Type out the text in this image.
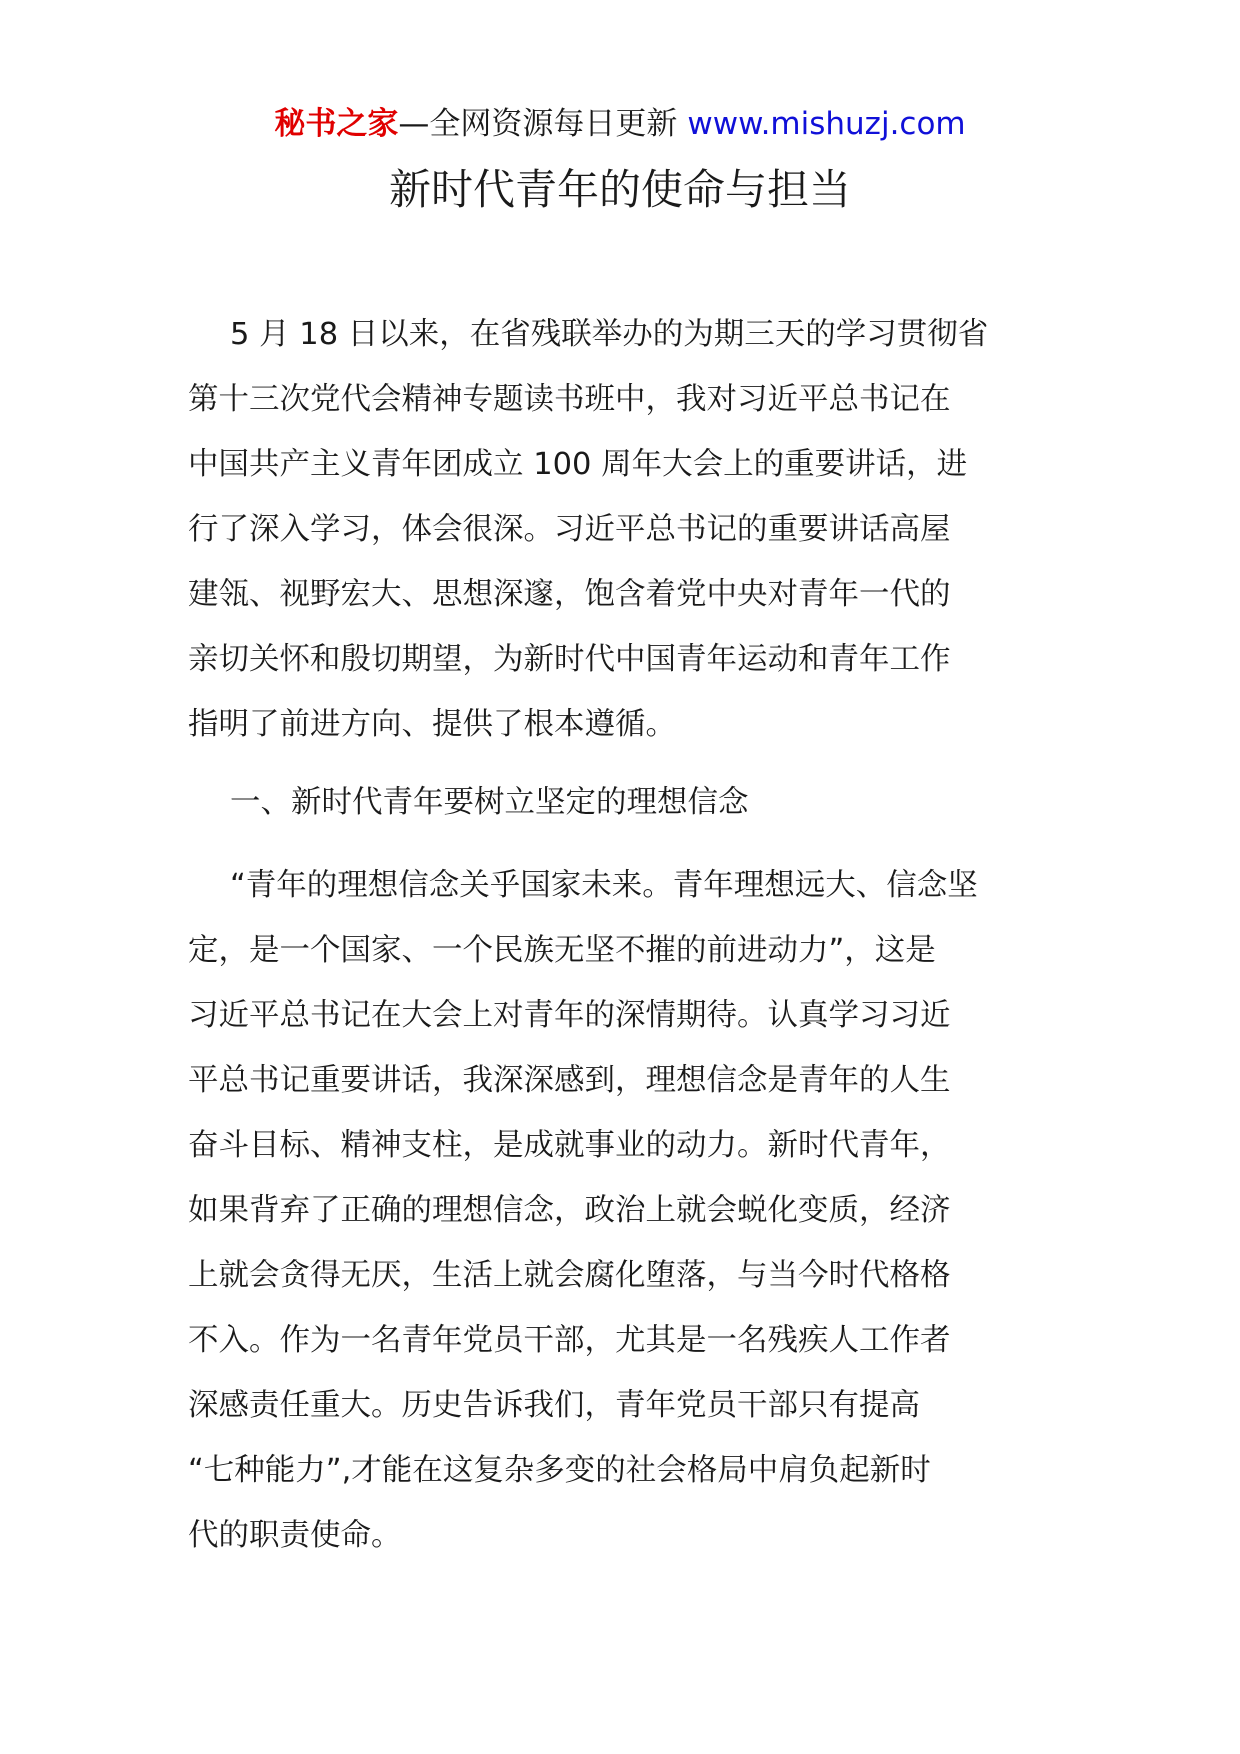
秘书之家—全网资源每日更新 www.mishuzj.com
新时代青年的使命与担当
5 月 18 日以来，在省残联举办的为期三天的学习贯彻省
第十三次党代会精神专题读书班中，我对习近平总书记在
中国共产主义青年团成立 100 周年大会上的重要讲话，进
行了深入学习，体会很深。习近平总书记的重要讲话高屋
建瓴、视野宏大、思想深邃，饱含着党中央对青年一代的
亲切关怀和殷切期望，为新时代中国青年运动和青年工作
指明了前进方向、提供了根本遵循。
一、新时代青年要树立坚定的理想信念
“青年的理想信念关乎国家未来。青年理想远大、信念坚
定，是一个国家、一个民族无坚不摧的前进动力”，这是
习近平总书记在大会上对青年的深情期待。认真学习习近
平总书记重要讲话，我深深感到，理想信念是青年的人生
奋斗目标、精神支柱，是成就事业的动力。新时代青年，
如果背弃了正确的理想信念，政治上就会蜕化变质，经济
上就会贪得无厌，生活上就会腐化堕落，与当今时代格格
不入。作为一名青年党员干部，尤其是一名残疾人工作者
深感责任重大。历史告诉我们，青年党员干部只有提高
“七种能力”,才能在这复杂多变的社会格局中肩负起新时
代的职责使命。
